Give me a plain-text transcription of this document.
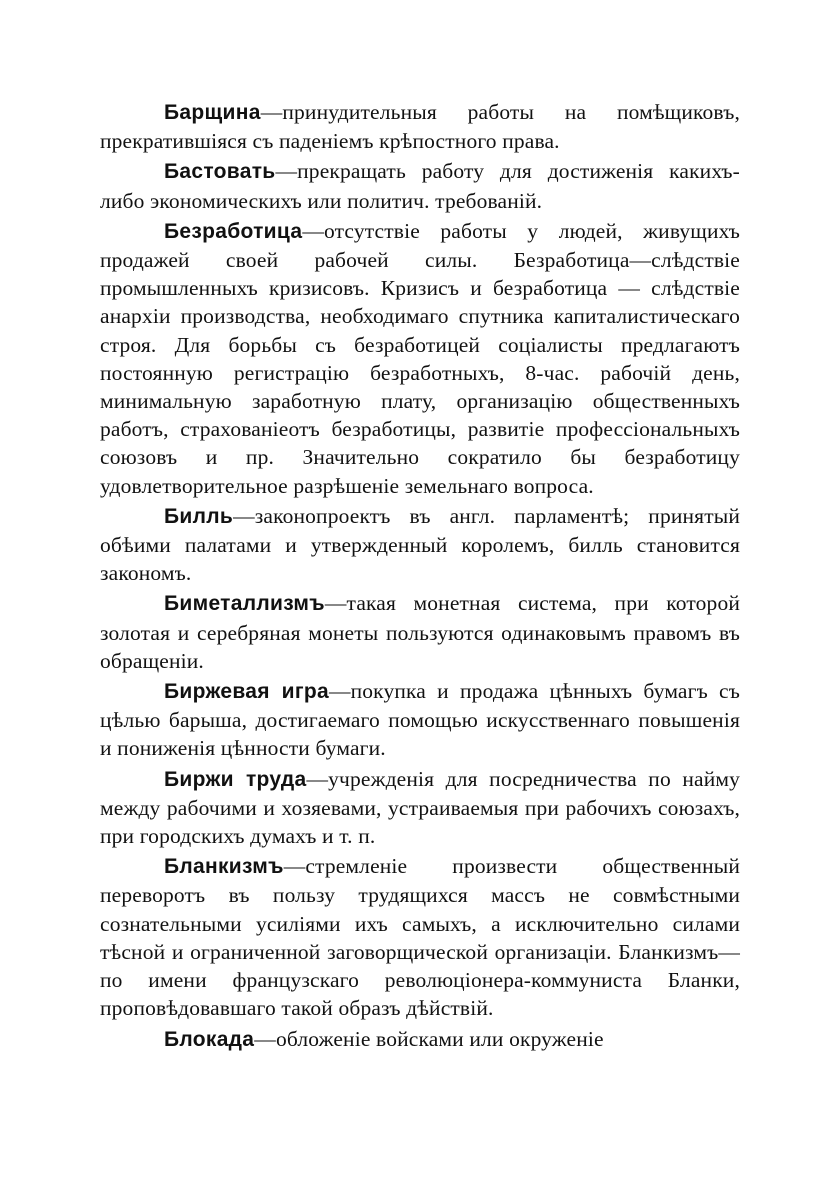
Барщина—принудительныя работы на помѣщиковъ, прекратившiяся съ паденiемъ крѣпостного права.

Бастовать—прекращать работу для достиженiя какихъ-либо экономическихъ или политич. требованiй.

Безработица—отсутствiе работы у людей, живущихъ продажей своей рабочей силы. Безработица—слѣдствiе промышленныхъ кризисовъ. Кризисъ и безработица — слѣдствiе анархiи производства, необходимаго спутника капиталистическаго строя. Для борьбы съ безработицей соцiалисты предлагаютъ постоянную регистрацiю безработныхъ, 8-час. рабочiй день, минимальную заработную плату, организацiю общественныхъ работъ, страхованiеотъ безработицы, развитiе профессiональныхъ союзовъ и пр. Значительно сократило бы безработицу удовлетворительное разрѣшенiе земельнаго вопроса.

Билль—законопроектъ въ англ. парламентѣ; принятый обѣими палатами и утвержденный королемъ, билль становится закономъ.

Биметаллизмъ—такая монетная система, при которой золотая и серебряная монеты пользуются одинаковымъ правомъ въ обращенiи.

Биржевая игра—покупка и продажа цѣнныхъ бумагъ съ цѣлью барыша, достигаемаго помощью искусственнаго повышенiя и пониженiя цѣнности бумаги.

Биржи труда—учрежденiя для посредничества по найму между рабочими и хозяевами, устраиваемыя при рабочихъ союзахъ, при городскихъ думахъ и т. п.

Бланкизмъ—стремленiе произвести общественный переворотъ въ пользу трудящихся массъ не совмѣстными сознательными усилiями ихъ самыхъ, а исключительно силами тѣсной и ограниченной заговорщической организацiи. Бланкизмъ—по имени французскаго революцiонера-коммуниста Бланки, проповѣдовавшаго такой образъ дѣйствiй.

Блокада—обложенiе войсками или окруженiе
